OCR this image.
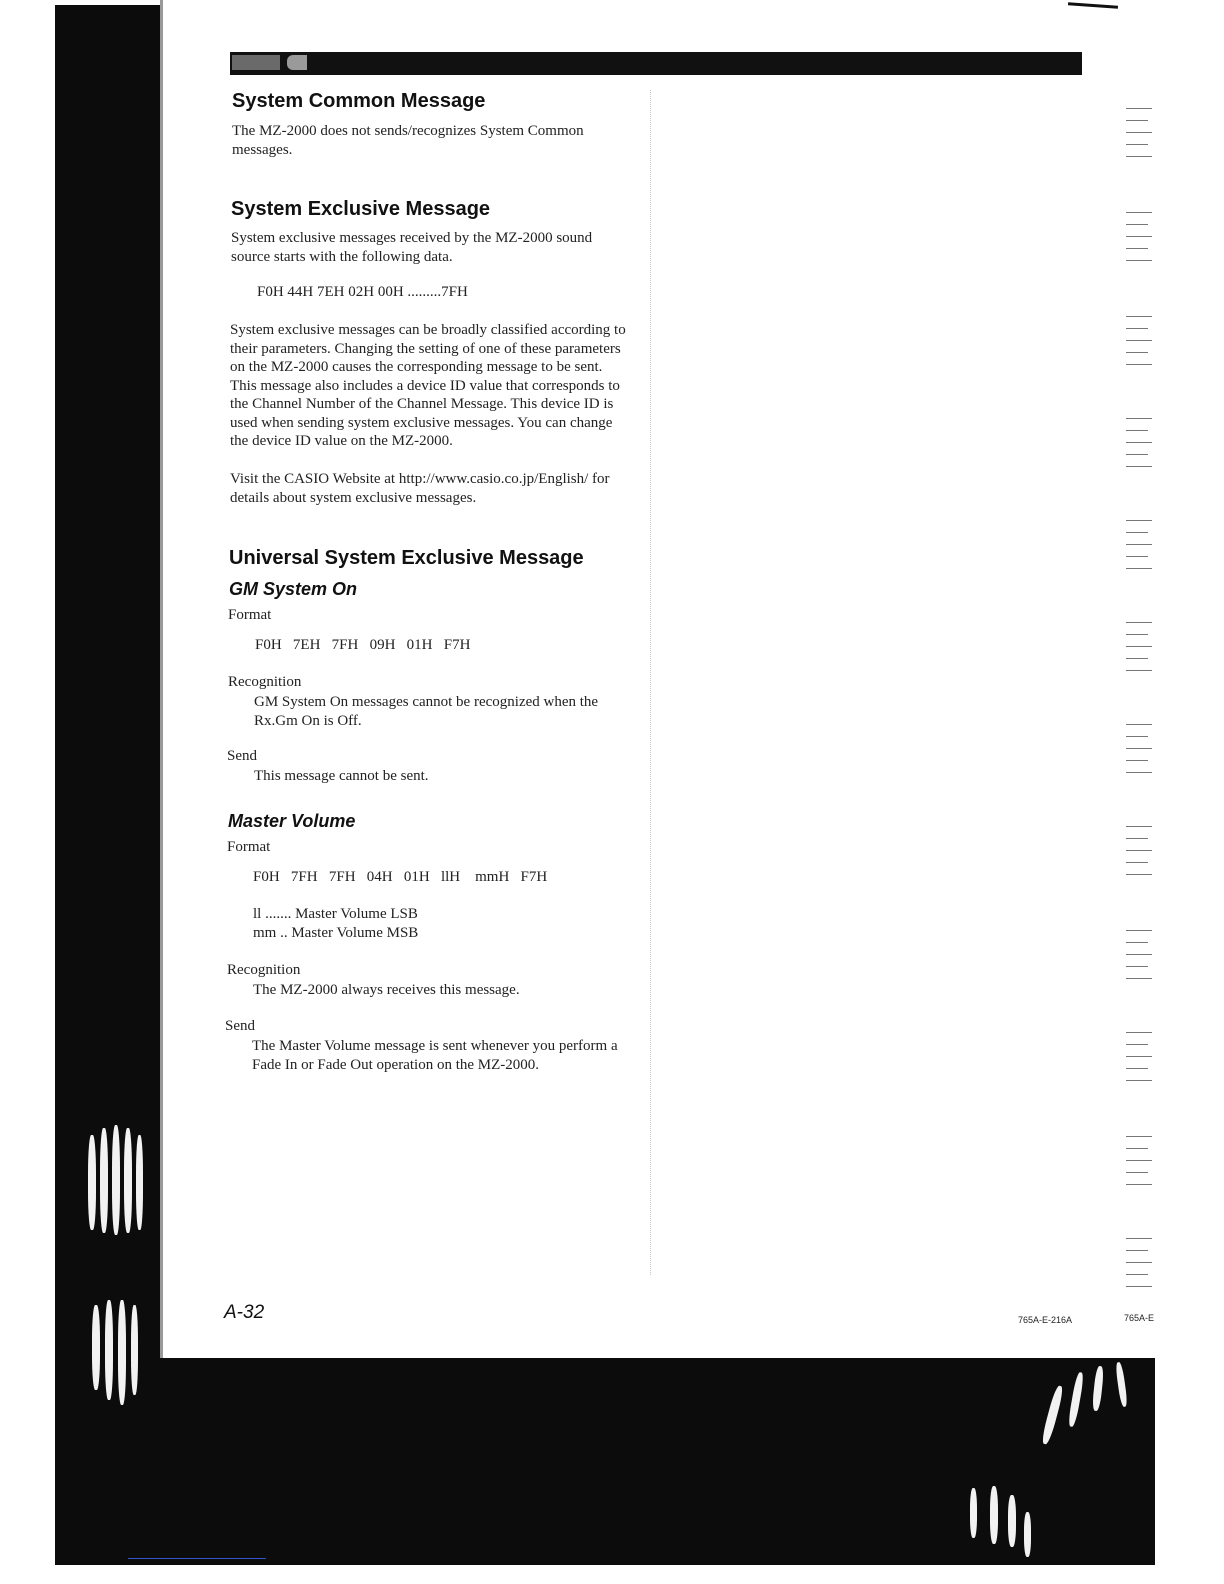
System Common Message

The MZ-2000 does not sends/recognizes System Common messages.

System Exclusive Message

System exclusive messages received by the MZ-2000 sound source starts with the following data.

F0H 44H 7EH 02H 00H .........7FH

System exclusive messages can be broadly classified according to their parameters. Changing the setting of one of these parameters on the MZ-2000 causes the corresponding message to be sent. This message also includes a device ID value that corresponds to the Channel Number of the Channel Message. This device ID is used when sending system exclusive messages. You can change the device ID value on the MZ-2000.

Visit the CASIO Website at http://www.casio.co.jp/English/ for details about system exclusive messages.

Universal System Exclusive Message
GM System On
Format
F0H   7EH   7FH   09H   01H   F7H
Recognition

GM System On messages cannot be recognized when the Rx.Gm On is Off.

Send

This message cannot be sent.

Master Volume
Format
F0H   7FH   7FH   04H   01H   llH    mmH   F7H
ll ....... Master Volume LSB
mm .. Master Volume MSB
Recognition

The MZ-2000 always receives this message.

Send

The Master Volume message is sent whenever you perform a Fade In or Fade Out operation on the MZ-2000.

A-32	765A-E-216A	765A-E
